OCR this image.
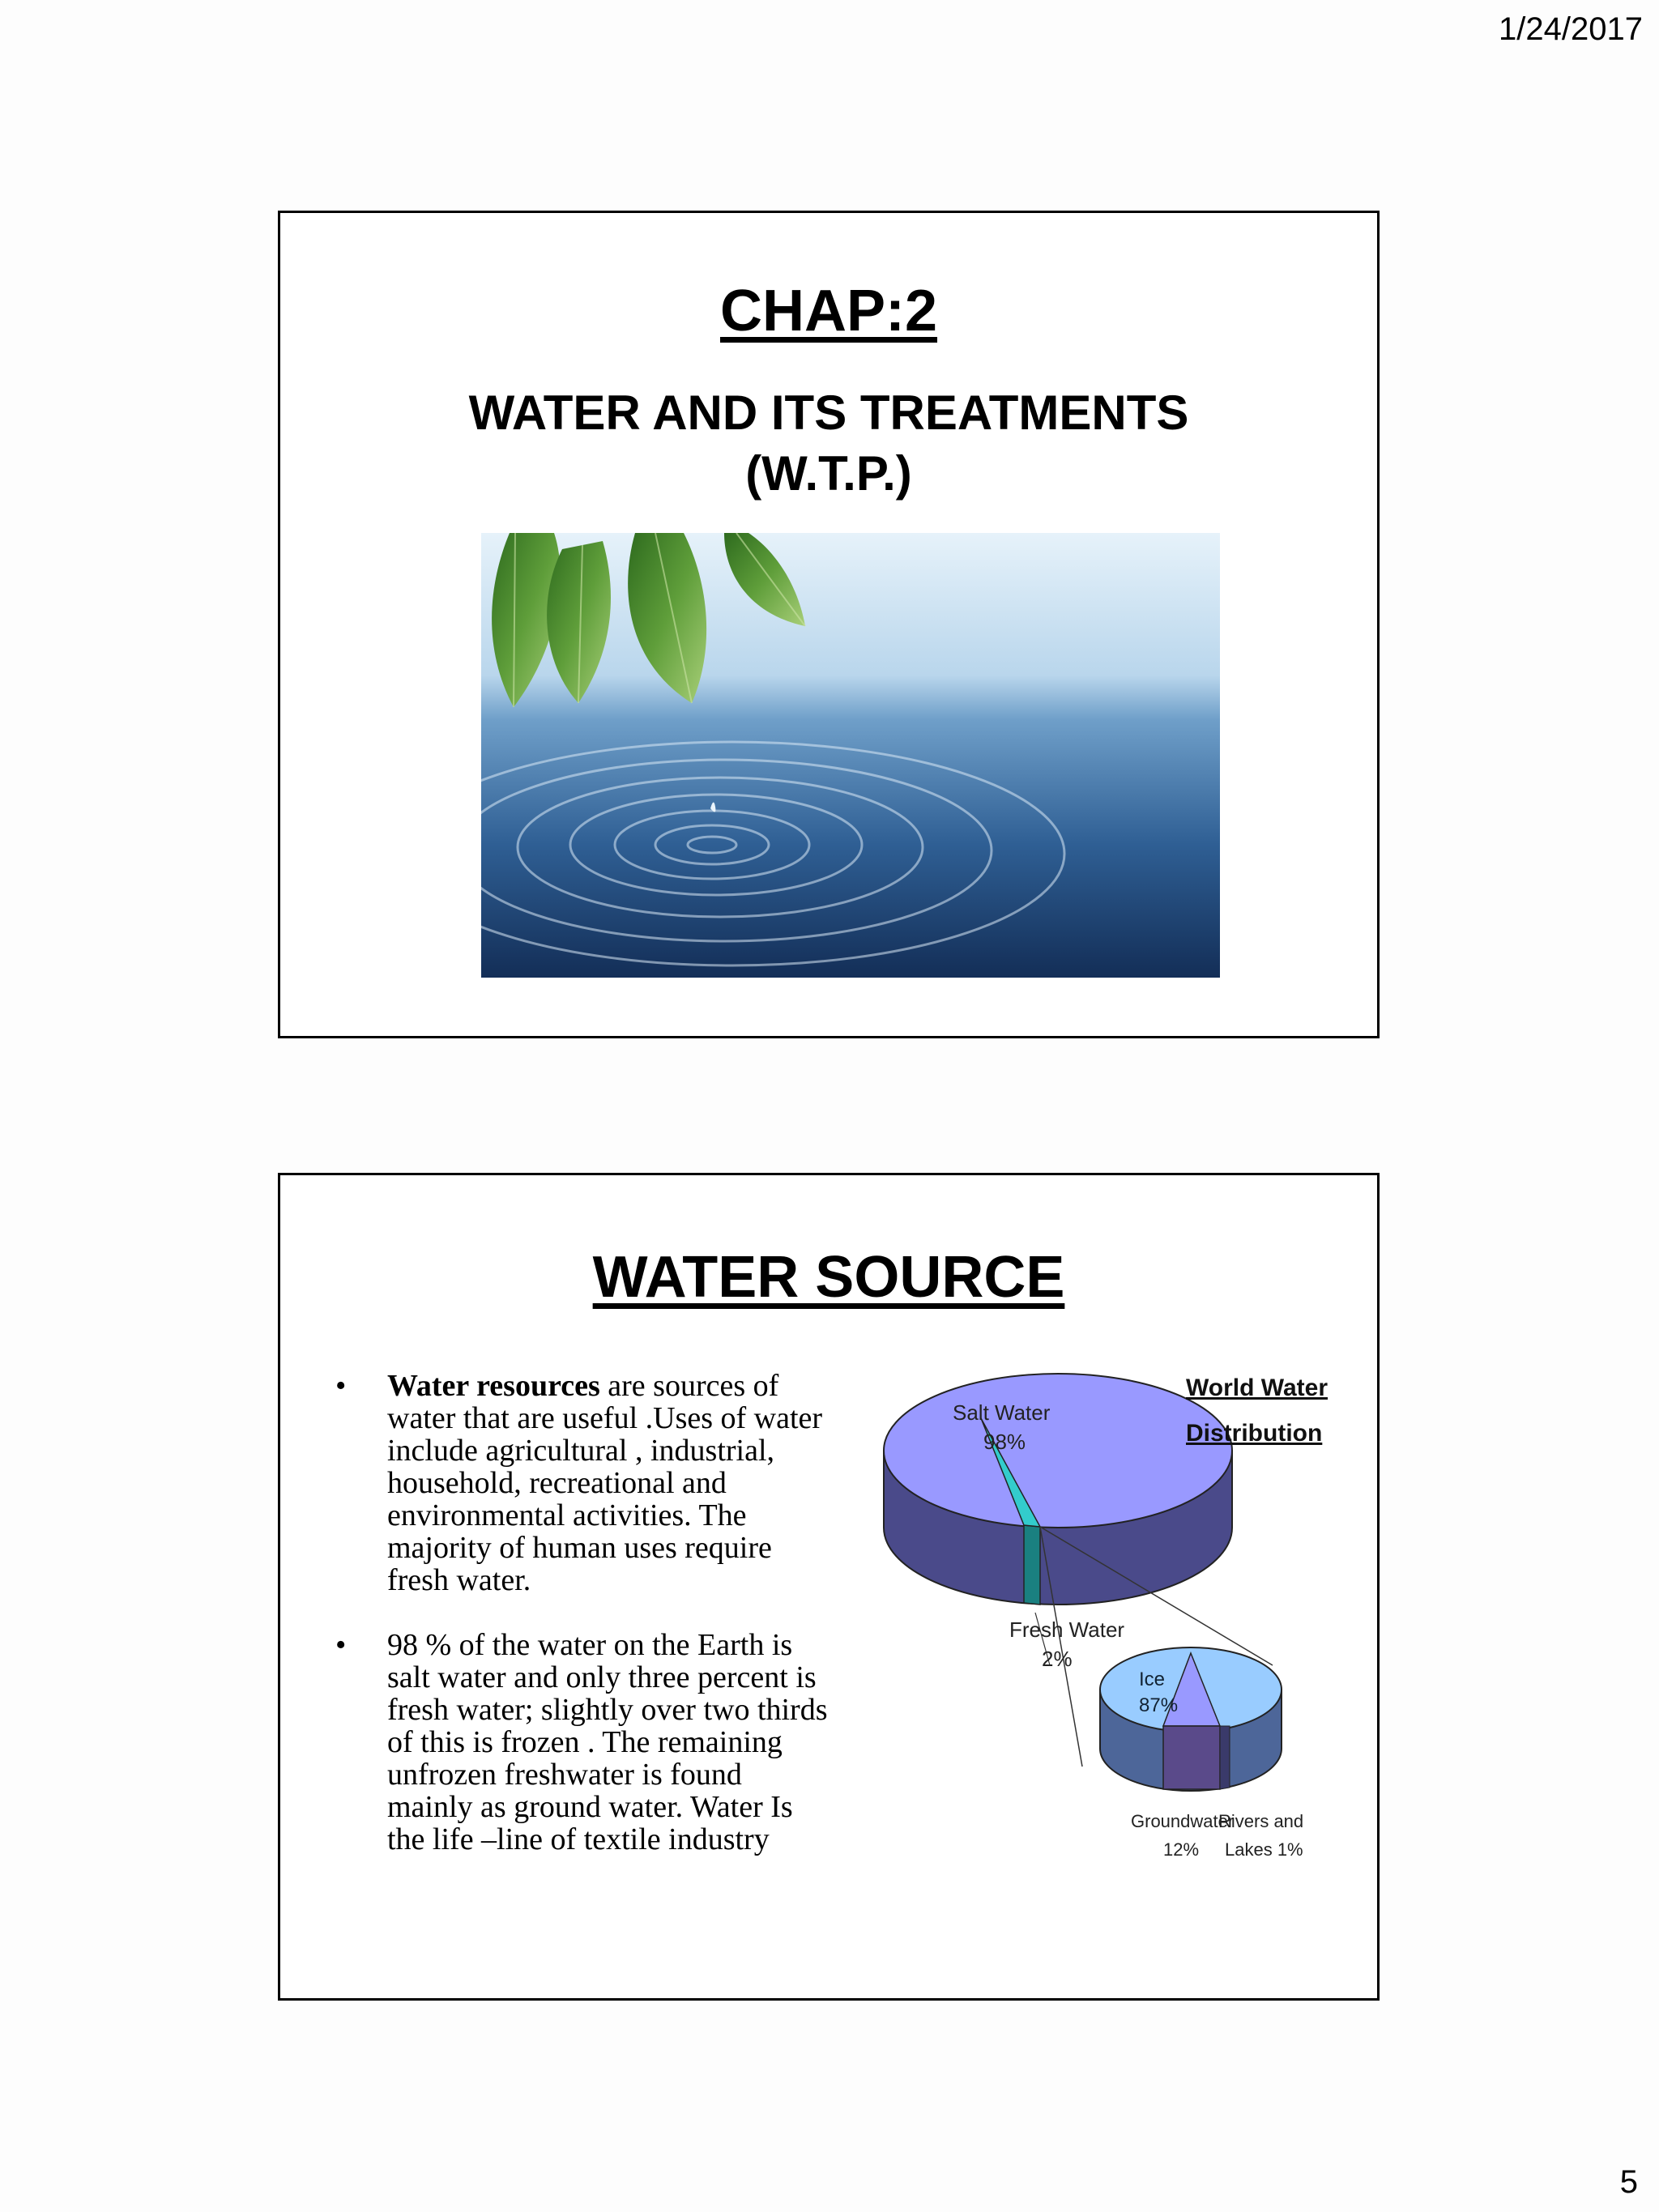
1/24/2017
CHAP:2
WATER AND ITS TREATMENTS
(W.T.P.)
WATER SOURCE
• Water resources are sources of water that are useful .Uses of water include agricultural , industrial, household, recreational and environmental activities. The majority of human uses require fresh water.
• 98 % of the water on the Earth is salt water and only three percent is fresh water; slightly over two thirds of this is frozen . The remaining unfrozen freshwater is found mainly as ground water. Water Is the life –line of textile industry
World Water
Distribution
Salt Water
98%
Fresh Water
2%
Ice
87%
Groundwater
12%
Rivers and
Lakes 1%
5
